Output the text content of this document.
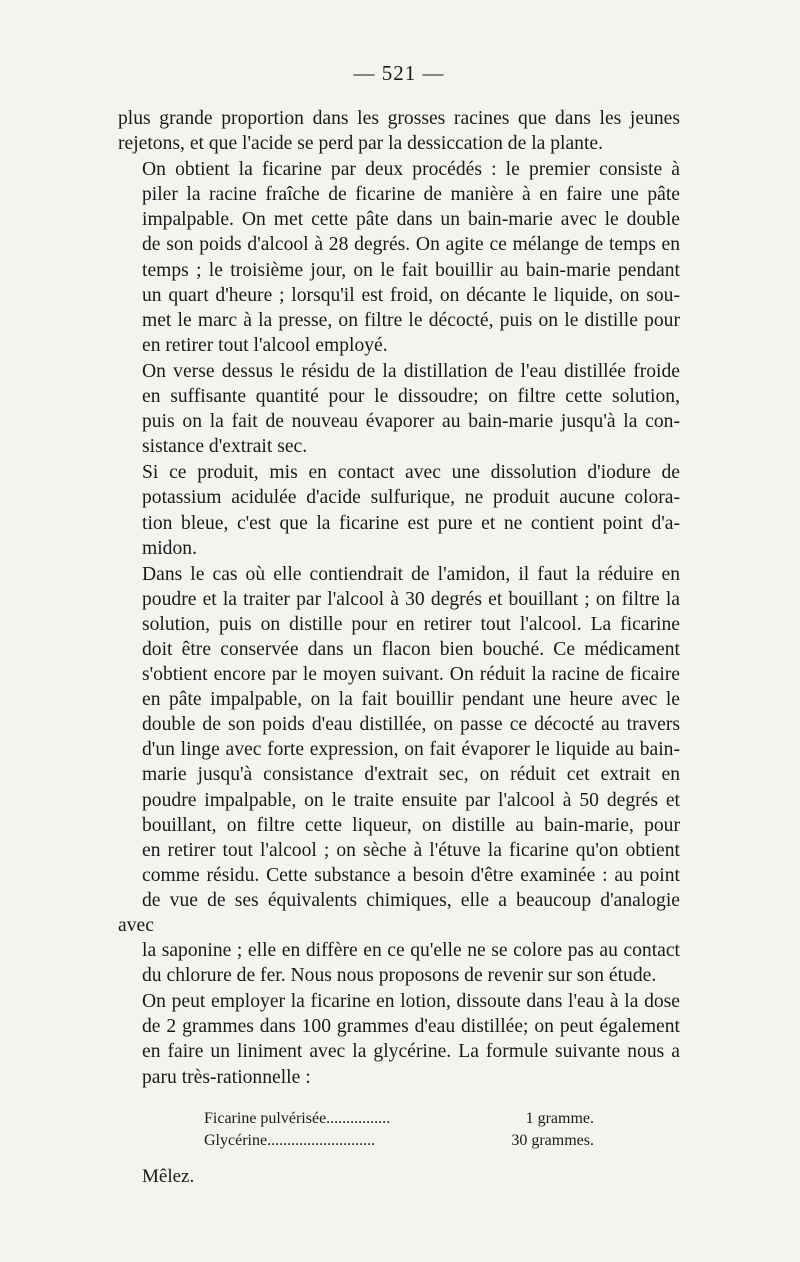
— 521 —

plus grande proportion dans les grosses racines que dans les jeunes
rejetons, et que l'acide se perd par la dessiccation de la plante.

On obtient la ficarine par deux procédés : le premier consiste à
piler la racine fraîche de ficarine de manière à en faire une pâte
impalpable. On met cette pâte dans un bain-marie avec le double
de son poids d'alcool à 28 degrés. On agite ce mélange de temps en
temps ; le troisième jour, on le fait bouillir au bain-marie pendant
un quart d'heure ; lorsqu'il est froid, on décante le liquide, on sou-
met le marc à la presse, on filtre le décocté, puis on le distille pour
en retirer tout l'alcool employé.

On verse dessus le résidu de la distillation de l'eau distillée froide
en suffisante quantité pour le dissoudre; on filtre cette solution,
puis on la fait de nouveau évaporer au bain-marie jusqu'à la con-
sistance d'extrait sec.

Si ce produit, mis en contact avec une dissolution d'iodure de
potassium acidulée d'acide sulfurique, ne produit aucune colora-
tion bleue, c'est que la ficarine est pure et ne contient point d'a-
midon.

Dans le cas où elle contiendrait de l'amidon, il faut la réduire en
poudre et la traiter par l'alcool à 30 degrés et bouillant ; on filtre la
solution, puis on distille pour en retirer tout l'alcool. La ficarine
doit être conservée dans un flacon bien bouché. Ce médicament
s'obtient encore par le moyen suivant. On réduit la racine de ficaire
en pâte impalpable, on la fait bouillir pendant une heure avec le
double de son poids d'eau distillée, on passe ce décocté au travers
d'un linge avec forte expression, on fait évaporer le liquide au bain-
marie jusqu'à consistance d'extrait sec, on réduit cet extrait en
poudre impalpable, on le traite ensuite par l'alcool à 50 degrés et
bouillant, on filtre cette liqueur, on distille au bain-marie, pour
en retirer tout l'alcool ; on sèche à l'étuve la ficarine qu'on obtient
comme résidu. Cette substance a besoin d'être examinée : au point
de vue de ses équivalents chimiques, elle a beaucoup d'analogie avec
la saponine ; elle en diffère en ce qu'elle ne se colore pas au contact
du chlorure de fer. Nous nous proposons de revenir sur son étude.

On peut employer la ficarine en lotion, dissoute dans l'eau à la dose
de 2 grammes dans 100 grammes d'eau distillée; on peut également
en faire un liniment avec la glycérine. La formule suivante nous a
paru très-rationnelle :

Ficarine pulvérisée................	1 gramme.
Glycérine...........................	30 grammes.
Mêlez.
